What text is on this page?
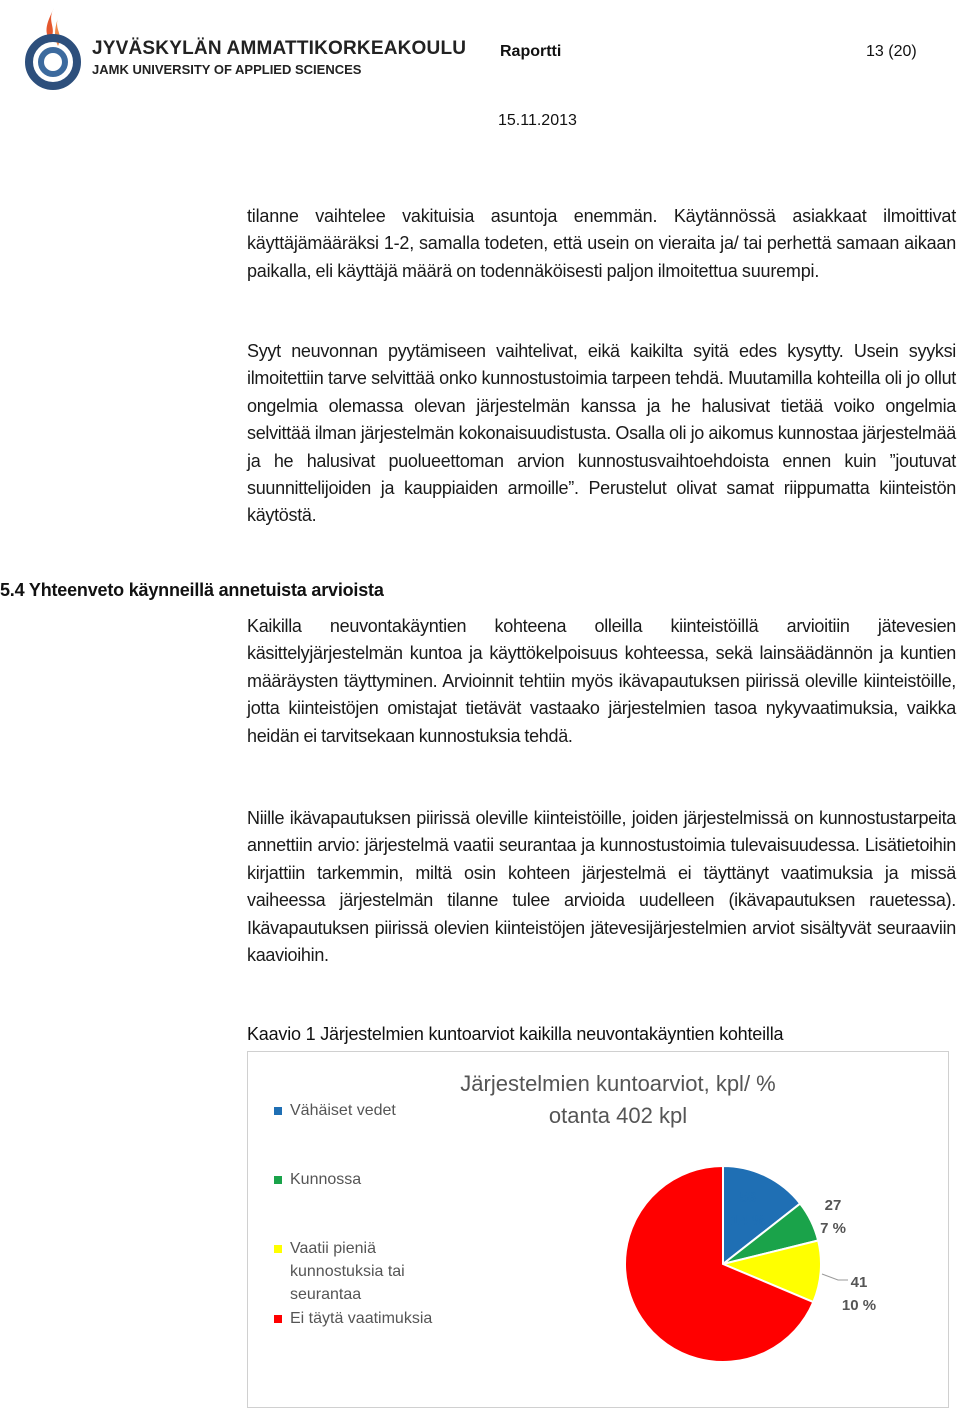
JYVÄSKYLÄN AMMATTIKORKEAKOULU
JAMK UNIVERSITY OF APPLIED SCIENCES
Raportti	13 (20)
15.11.2013

tilanne vaihtelee vakituisia asuntoja enemmän. Käytännössä asiakkaat ilmoittivat käyttäjämääräksi 1-2, samalla todeten, että usein on vieraita ja/ tai perhettä samaan aikaan paikalla, eli käyttäjä määrä on todennäköisesti paljon ilmoitettua suurempi.

Syyt neuvonnan pyytämiseen vaihtelivat, eikä kaikilta syitä edes kysytty. Usein syyksi ilmoitettiin tarve selvittää onko kunnostustoimia tarpeen tehdä. Muutamilla kohteilla oli jo ollut ongelmia olemassa olevan järjestelmän kanssa ja he halusivat tietää voiko ongelmia selvittää ilman järjestelmän kokonaisuudistusta. Osalla oli jo aikomus kunnostaa järjestelmää ja he halusivat puolueettoman arvion kunnostusvaihtoehdoista ennen kuin ”joutuvat suunnittelijoiden ja kauppiaiden armoille”. Perustelut olivat samat riippumatta kiinteistön käytöstä.

5.4 Yhteenveto käynneillä annetuista arvioista

Kaikilla neuvontakäyntien kohteena olleilla kiinteistöillä arvioitiin jätevesien käsittelyjärjestelmän kuntoa ja käyttökelpoisuus kohteessa, sekä lainsäädännön ja kuntien määräysten täyttyminen. Arvioinnit tehtiin myös ikävapautuksen piirissä oleville kiinteistöille, jotta kiinteistöjen omistajat tietävät vastaako järjestelmien tasoa nykyvaatimuksia, vaikka heidän ei tarvitsekaan kunnostuksia tehdä.

Niille ikävapautuksen piirissä oleville kiinteistöille, joiden järjestelmissä on kunnostustarpeita annettiin arvio: järjestelmä vaatii seurantaa ja kunnostustoimia tulevaisuudessa. Lisätietoihin kirjattiin tarkemmin, miltä osin kohteen järjestelmä ei täyttänyt vaatimuksia ja missä vaiheessa järjestelmän tilanne tulee arvioida uudelleen (ikävapautuksen rauetessa). Ikävapautuksen piirissä olevien kiinteistöjen jätevesijärjestelmien arviot sisältyvät seuraaviin kaavioihin.

Kaavio 1 Järjestelmien kuntoarviot kaikilla neuvontakäyntien kohteilla
Järjestelmien kuntoarviot, kpl/ %
otanta 402 kpl
Vähäiset vedet
Kunnossa
Vaatii pieniä kunnostuksia tai seurantaa
Ei täytä vaatimuksia
58
14 %
27
7 %
41
10 %
276
69 %
